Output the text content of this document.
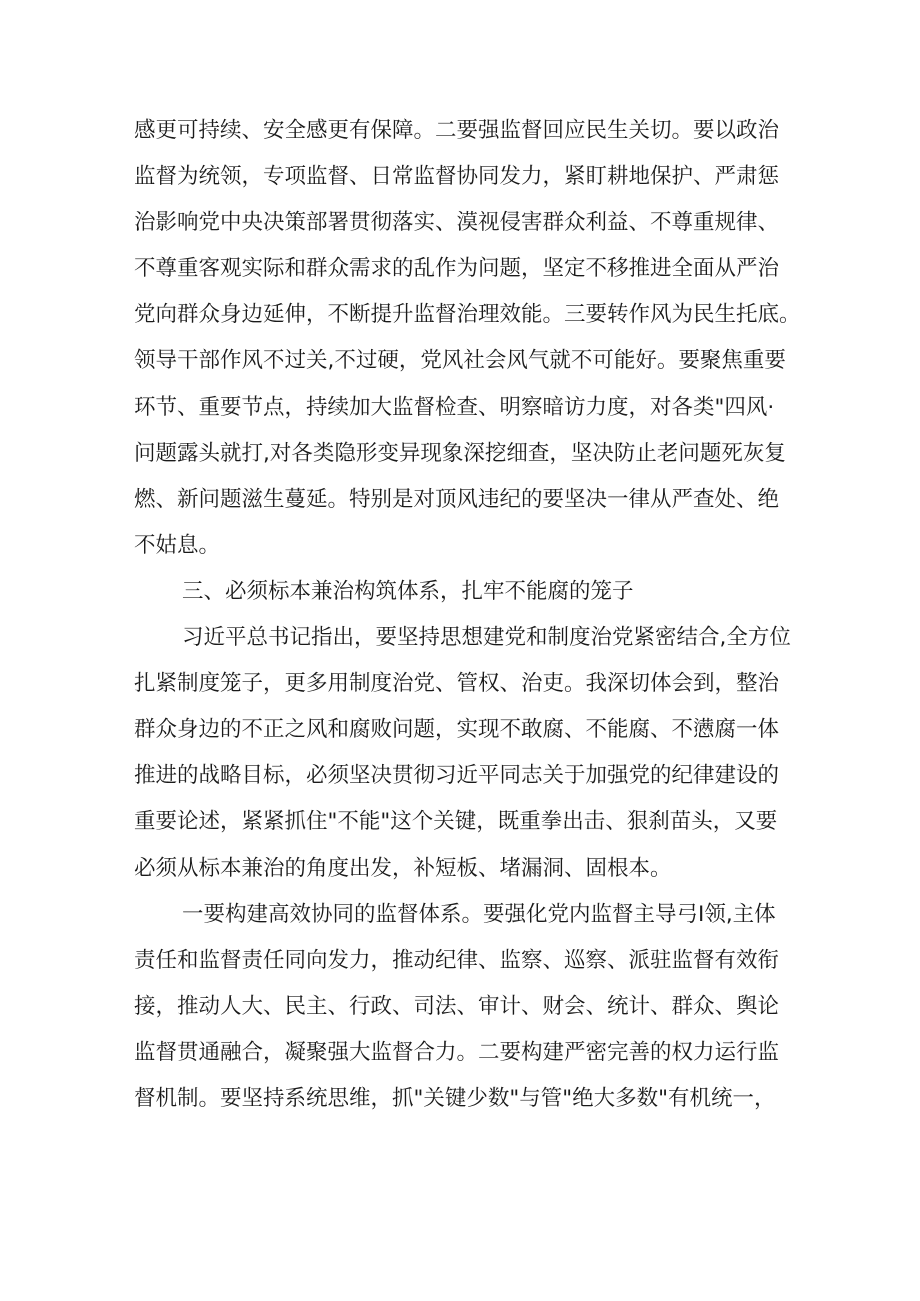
感更可持续、安全感更有保障。二要强监督回应民生关切。要以政治
监督为统领，专项监督、日常监督协同发力，紧盯耕地保护、严肃惩
治影响党中央决策部署贯彻落实、漠视侵害群众利益、不尊重规律、
不尊重客观实际和群众需求的乱作为问题，坚定不移推进全面从严治
党向群众身边延伸，不断提升监督治理效能。三要转作风为民生托底。
领导干部作风不过关,不过硬，党风社会风气就不可能好。要聚焦重要
环节、重要节点，持续加大监督检查、明察暗访力度，对各类"四风·
问题露头就打,对各类隐形变异现象深挖细查，坚决防止老问题死灰复
燃、新问题滋生蔓延。特别是对顶风违纪的要坚决一律从严查处、绝
不姑息。
三、必须标本兼治构筑体系，扎牢不能腐的笼子
习近平总书记指出，要坚持思想建党和制度治党紧密结合,全方位
扎紧制度笼子，更多用制度治党、管权、治吏。我深切体会到，整治
群众身边的不正之风和腐败问题，实现不敢腐、不能腐、不懑腐一体
推进的战略目标，必须坚决贯彻习近平同志关于加强党的纪律建设的
重要论述，紧紧抓住"不能"这个关键，既重拳出击、狠刹苗头，又要
必须从标本兼治的角度出发，补短板、堵漏洞、固根本。
一要构建高效协同的监督体系。要强化党内监督主导弓I领,主体
责任和监督责任同向发力，推动纪律、监察、巡察、派驻监督有效衔
接，推动人大、民主、行政、司法、审计、财会、统计、群众、舆论
监督贯通融合，凝聚强大监督合力。二要构建严密完善的权力运行监
督机制。要坚持系统思维，抓"关键少数"与管"绝大多数"有机统一，
